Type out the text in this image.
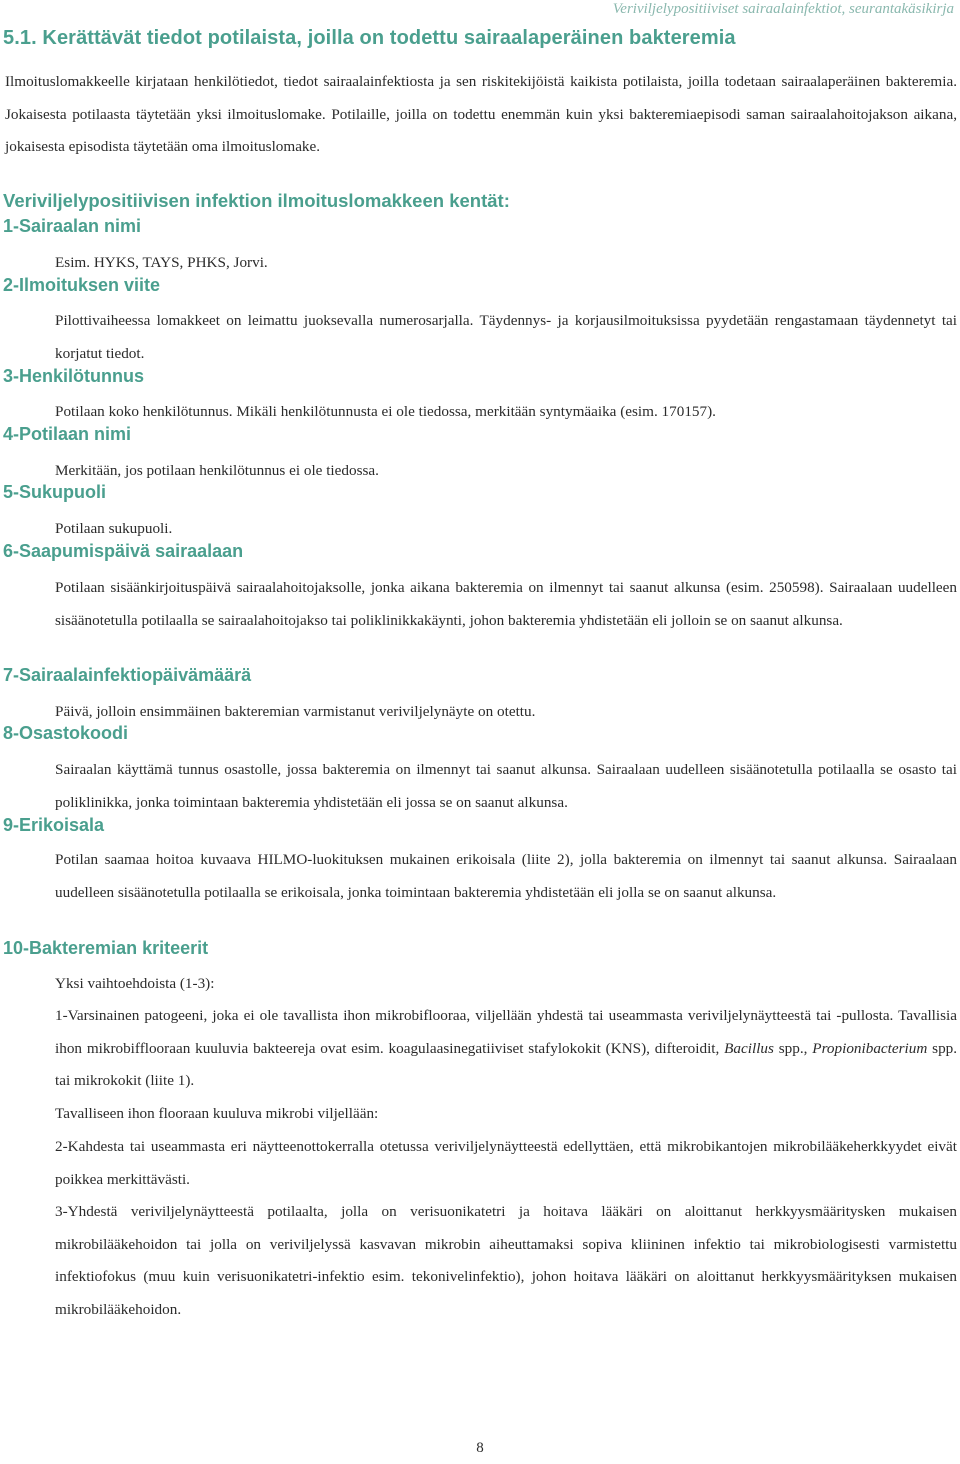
Veriviljelypositiiviset sairaalainfektiot, seurantakäsikirja
5.1. Kerättävät tiedot potilaista, joilla on todettu sairaalaperäinen bakteremia

Ilmoituslomakkeelle kirjataan henkilötiedot, tiedot sairaalainfektiosta ja sen riskitekijöistä kaikista potilaista, joilla todetaan sairaalaperäinen bakteremia. Jokaisesta potilaasta täytetään yksi ilmoituslomake. Potilaille, joilla on todettu enemmän kuin yksi bakteremiaepisodi saman sairaalahoitojakson aikana, jokaisesta episodista täytetään oma ilmoituslomake.

Veriviljelypositiivisen infektion ilmoituslomakkeen kentät:
1-Sairaalan nimi

Esim. HYKS, TAYS, PHKS, Jorvi.

2-Ilmoituksen viite

Pilottivaiheessa lomakkeet on leimattu juoksevalla numerosarjalla. Täydennys- ja korjausilmoituksissa pyydetään rengastamaan täydennetyt tai korjatut tiedot.

3-Henkilötunnus

Potilaan koko henkilötunnus. Mikäli henkilötunnusta ei ole tiedossa, merkitään syntymäaika (esim. 170157).

4-Potilaan nimi

Merkitään, jos potilaan henkilötunnus ei ole tiedossa.

5-Sukupuoli

Potilaan sukupuoli.

6-Saapumispäivä sairaalaan

Potilaan sisäänkirjoituspäivä sairaalahoitojaksolle, jonka aikana bakteremia on ilmennyt tai saanut alkunsa (esim. 250598). Sairaalaan uudelleen sisäänotetulla potilaalla se sairaalahoitojakso tai poliklinikkakäynti, johon bakteremia yhdistetään eli jolloin se on saanut alkunsa.

7-Sairaalainfektiopäivämäärä

Päivä, jolloin ensimmäinen bakteremian varmistanut veriviljelynäyte on otettu.

8-Osastokoodi

Sairaalan käyttämä tunnus osastolle, jossa bakteremia on ilmennyt tai saanut alkunsa. Sairaalaan uudelleen sisäänotetulla potilaalla se osasto tai poliklinikka, jonka toimintaan bakteremia yhdistetään eli jossa se on saanut alkunsa.

9-Erikoisala

Potilan saamaa hoitoa kuvaava HILMO-luokituksen mukainen erikoisala (liite 2), jolla bakteremia on ilmennyt tai saanut alkunsa. Sairaalaan uudelleen sisäänotetulla potilaalla se erikoisala, jonka toimintaan bakteremia yhdistetään eli jolla se on saanut alkunsa.

10-Bakteremian kriteerit

Yksi vaihtoehdoista (1-3):

1-Varsinainen patogeeni, joka ei ole tavallista ihon mikrobiflooraa, viljellään yhdestä tai useammasta veriviljelynäytteestä tai -pullosta. Tavallisia ihon mikrobifflooraan kuuluvia bakteereja ovat esim. koagulaasinegatiiviset stafylokokit (KNS), difteroidit, Bacillus spp., Propionibacterium spp. tai mikrokokit (liite 1).

Tavalliseen ihon flooraan kuuluva mikrobi viljellään:

2-Kahdesta tai useammasta eri näytteenottokerralla otetussa veriviljelynäytteestä edellyttäen, että mikrobikantojen mikrobilääkeherkkyydet eivät poikkea merkittävästi.

3-Yhdestä veriviljelynäytteestä potilaalta, jolla on verisuonikatetri ja hoitava lääkäri on aloittanut herkkyysmääritysken mukaisen mikrobilääkehoidon tai jolla on veriviljelyssä kasvavan mikrobin aiheuttamaksi sopiva kliininen infektio tai mikrobiologisesti varmistettu infektiofokus (muu kuin verisuonikatetri-infektio esim. tekonivelinfektio), johon hoitava lääkäri on aloittanut herkkyysmäärityksen mukaisen mikrobilääkehoidon.

8
